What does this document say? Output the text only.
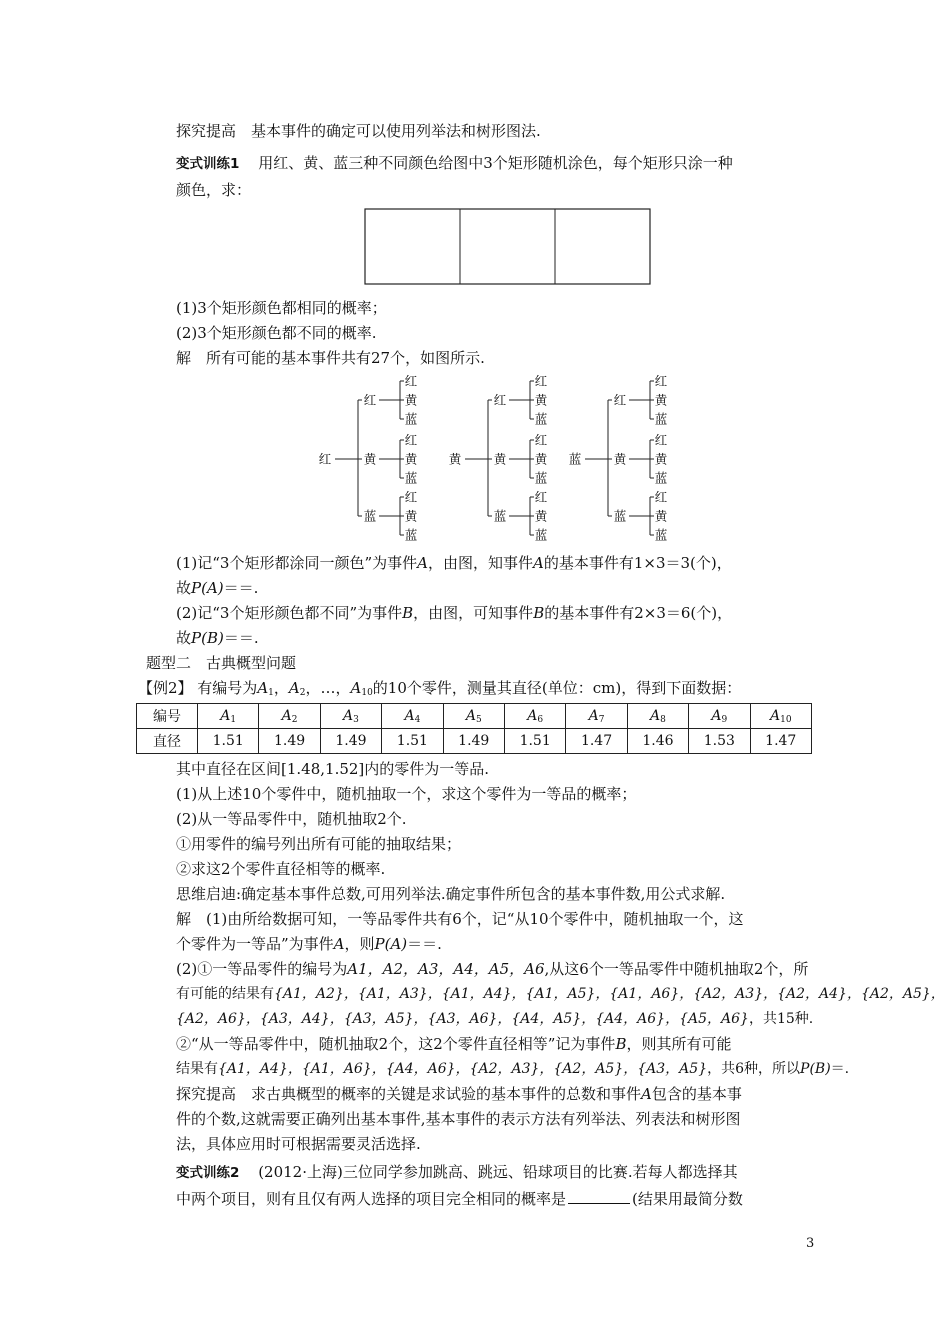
探究提高　基本事件的确定可以使用列举法和树形图法.
变式训练1 用红、黄、蓝三种不同颜色给图中3个矩形随机涂色，每个矩形只涂一种
颜色，求：
(1)3个矩形颜色都相同的概率；
(2)3个矩形颜色都不同的概率.
解　所有可能的基本事件共有27个，如图所示.
红
红
红
黄
蓝
黄
红
黄
蓝
蓝
红
黄
蓝
黄
红
红
黄
蓝
黄
红
黄
蓝
蓝
红
黄
蓝
蓝
红
红
黄
蓝
黄
红
黄
蓝
蓝
红
黄
蓝
(1)记“3个矩形都涂同一颜色”为事件A，由图，知事件A的基本事件有1×3＝3(个)，
故P(A)＝＝.
(2)记“3个矩形颜色都不同”为事件B，由图，可知事件B的基本事件有2×3＝6(个)，
故P(B)＝＝.
题型二　古典概型问题
【例2】 有编号为$A_1$，$A_2$，…，$A_{10}$的10个零件，测量其直径(单位：cm)，得到下面数据：
编号	$A_1$	$A_2$	$A_3$	$A_4$	$A_5$	$A_6$	$A_7$	$A_8$	$A_9$	$A_{10}$
直径	1.51	1.49	1.49	1.51	1.49	1.51	1.47	1.46	1.53	1.47
其中直径在区间[1.48,1.52]内的零件为一等品.
(1)从上述10个零件中，随机抽取一个，求这个零件为一等品的概率；
(2)从一等品零件中，随机抽取2个.
①用零件的编号列出所有可能的抽取结果；
②求这2个零件直径相等的概率.
思维启迪:确定基本事件总数,可用列举法.确定事件所包含的基本事件数,用公式求解.
解　(1)由所给数据可知，一等品零件共有6个，记“从10个零件中，随机抽取一个，这
个零件为一等品”为事件A，则P(A)＝＝.
(2)①一等品零件的编号为A1，A2，A3，A4，A5，A6,从这6个一等品零件中随机抽取2个，所
有可能的结果有{A1，A2}，{A1，A3}，{A1，A4}，{A1，A5}，{A1，A6}，{A2，A3}，{A2，A4}，{A2，A5}，
{A2，A6}，{A3，A4}，{A3，A5}，{A3，A6}，{A4，A5}，{A4，A6}，{A5，A6}，共15种.
②“从一等品零件中，随机抽取2个，这2个零件直径相等”记为事件B，则其所有可能
结果有{A1，A4}，{A1，A6}，{A4，A6}，{A2，A3}，{A2，A5}，{A3，A5}，共6种，所以P(B)＝.
探究提高　求古典概型的概率的关键是求试验的基本事件的总数和事件A包含的基本事
件的个数,这就需要正确列出基本事件,基本事件的表示方法有列举法、列表法和树形图
法，具体应用时可根据需要灵活选择.
变式训练2 (2012·上海)三位同学参加跳高、跳远、铅球项目的比赛.若每人都选择其
中两个项目，则有且仅有两人选择的项目完全相同的概率是	(结果用最简分数
3
